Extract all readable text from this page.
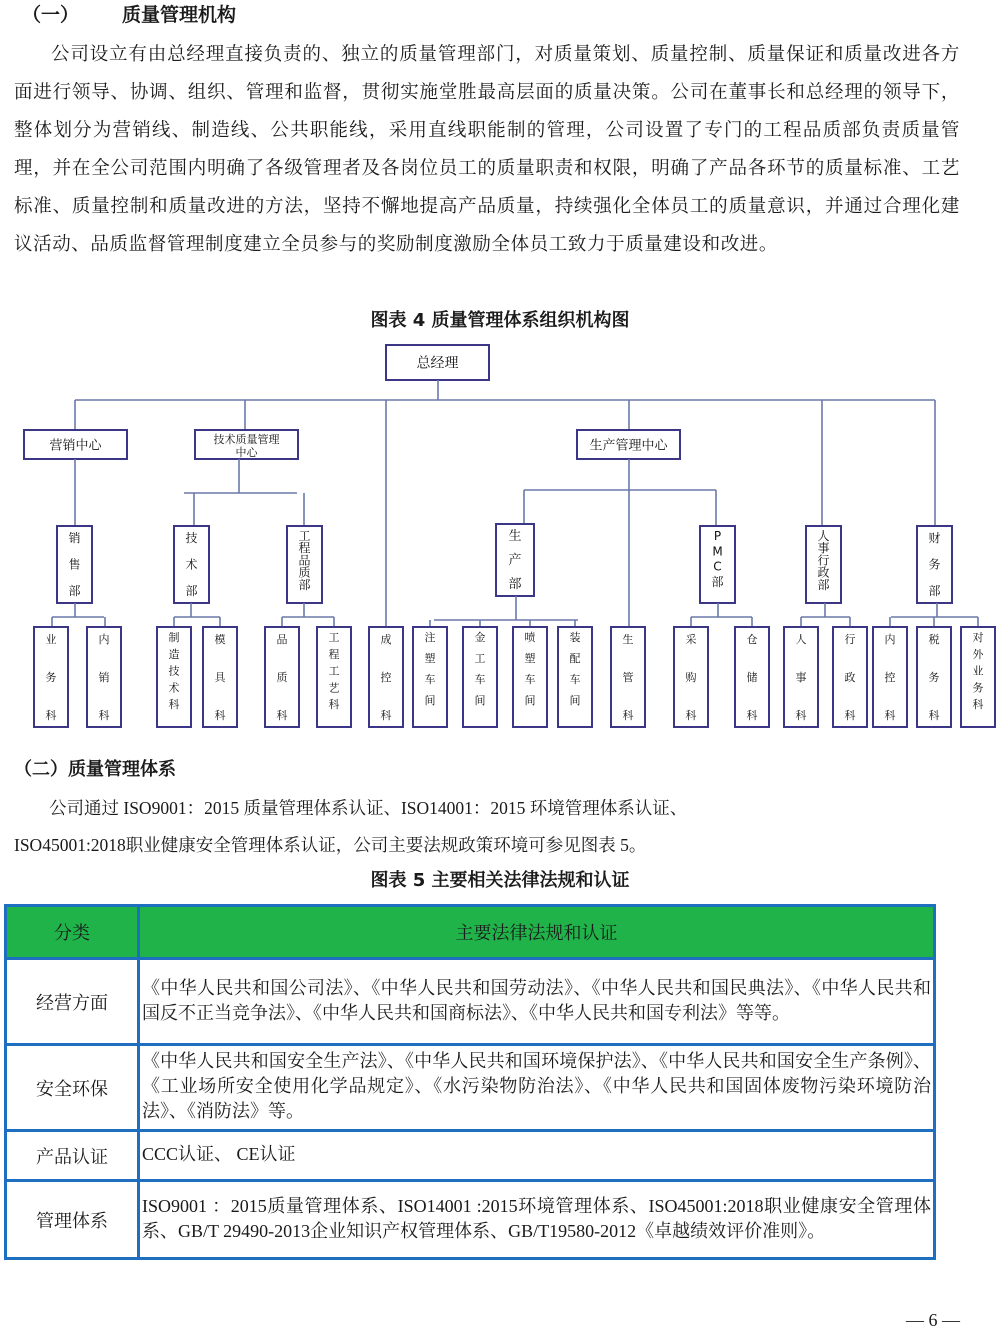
（一） 质量管理机构

公司设立有由总经理直接负责的、独立的质量管理部门，对质量策划、质量控制、质量保证和质量改进各方面进行领导、协调、组织、管理和监督，贯彻实施堂胜最高层面的质量决策。公司在董事长和总经理的领导下，整体划分为营销线、制造线、公共职能线，采用直线职能制的管理，公司设置了专门的工程品质部负责质量管理，并在全公司范围内明确了各级管理者及各岗位员工的质量职责和权限，明确了产品各环节的质量标准、工艺标准、质量控制和质量改进的方法，坚持不懈地提高产品质量，持续强化全体员工的质量意识，并通过合理化建议活动、品质监督管理制度建立全员参与的奖励制度激励全体员工致力于质量建设和改进。

图表 4 质量管理体系组织机构图
总经理
营销中心
销
售
部
业
务
科
内
销
科
技术质量管理
中心
技
术
部
制
造
技
术
科
模
具
科
工
程
品
质
部
品
质
科
工
程
工
艺
科
成
控
科
生产管理中心
生
产
部
注
塑
车
间
金
工
车
间
喷
塑
车
间
装
配
车
间
生
管
科
P
M
C
部
采
购
科
仓
储
科
人
事
行
政
部
人
事
科
行
政
科
财
务
部
内
控
科
税
务
科
对
外
业
务
科
（二）质量管理体系

公司通过 ISO9001：2015 质量管理体系认证、ISO14001：2015 环境管理体系认证、

ISO45001:2018职业健康安全管理体系认证，公司主要法规政策环境可参见图表 5。

图表 5 主要相关法律法规和认证
分类	主要法律法规和认证
经营方面	《中华人民共和国公司法》、《中华人民共和国劳动法》、《中华人民共和国民典法》、《中华人民共和国反不正当竞争法》、《中华人民共和国商标法》、《中华人民共和国专利法》等等。
安全环保	《中华人民共和国安全生产法》、《中华人民共和国环境保护法》、《中华人民共和国安全生产条例》、《工业场所安全使用化学品规定》、《水污染物防治法》、《中华人民共和国固体废物污染环境防治法》、《消防法》等。
产品认证	CCC认证、 CE认证
管理体系	ISO9001 ：2015质量管理体系、ISO14001 :2015环境管理体系、ISO45001:2018职业健康安全管理体系、GB/T 29490-2013企业知识产权管理体系、GB/T19580-2012《卓越绩效评价准则》。
— 6 —
